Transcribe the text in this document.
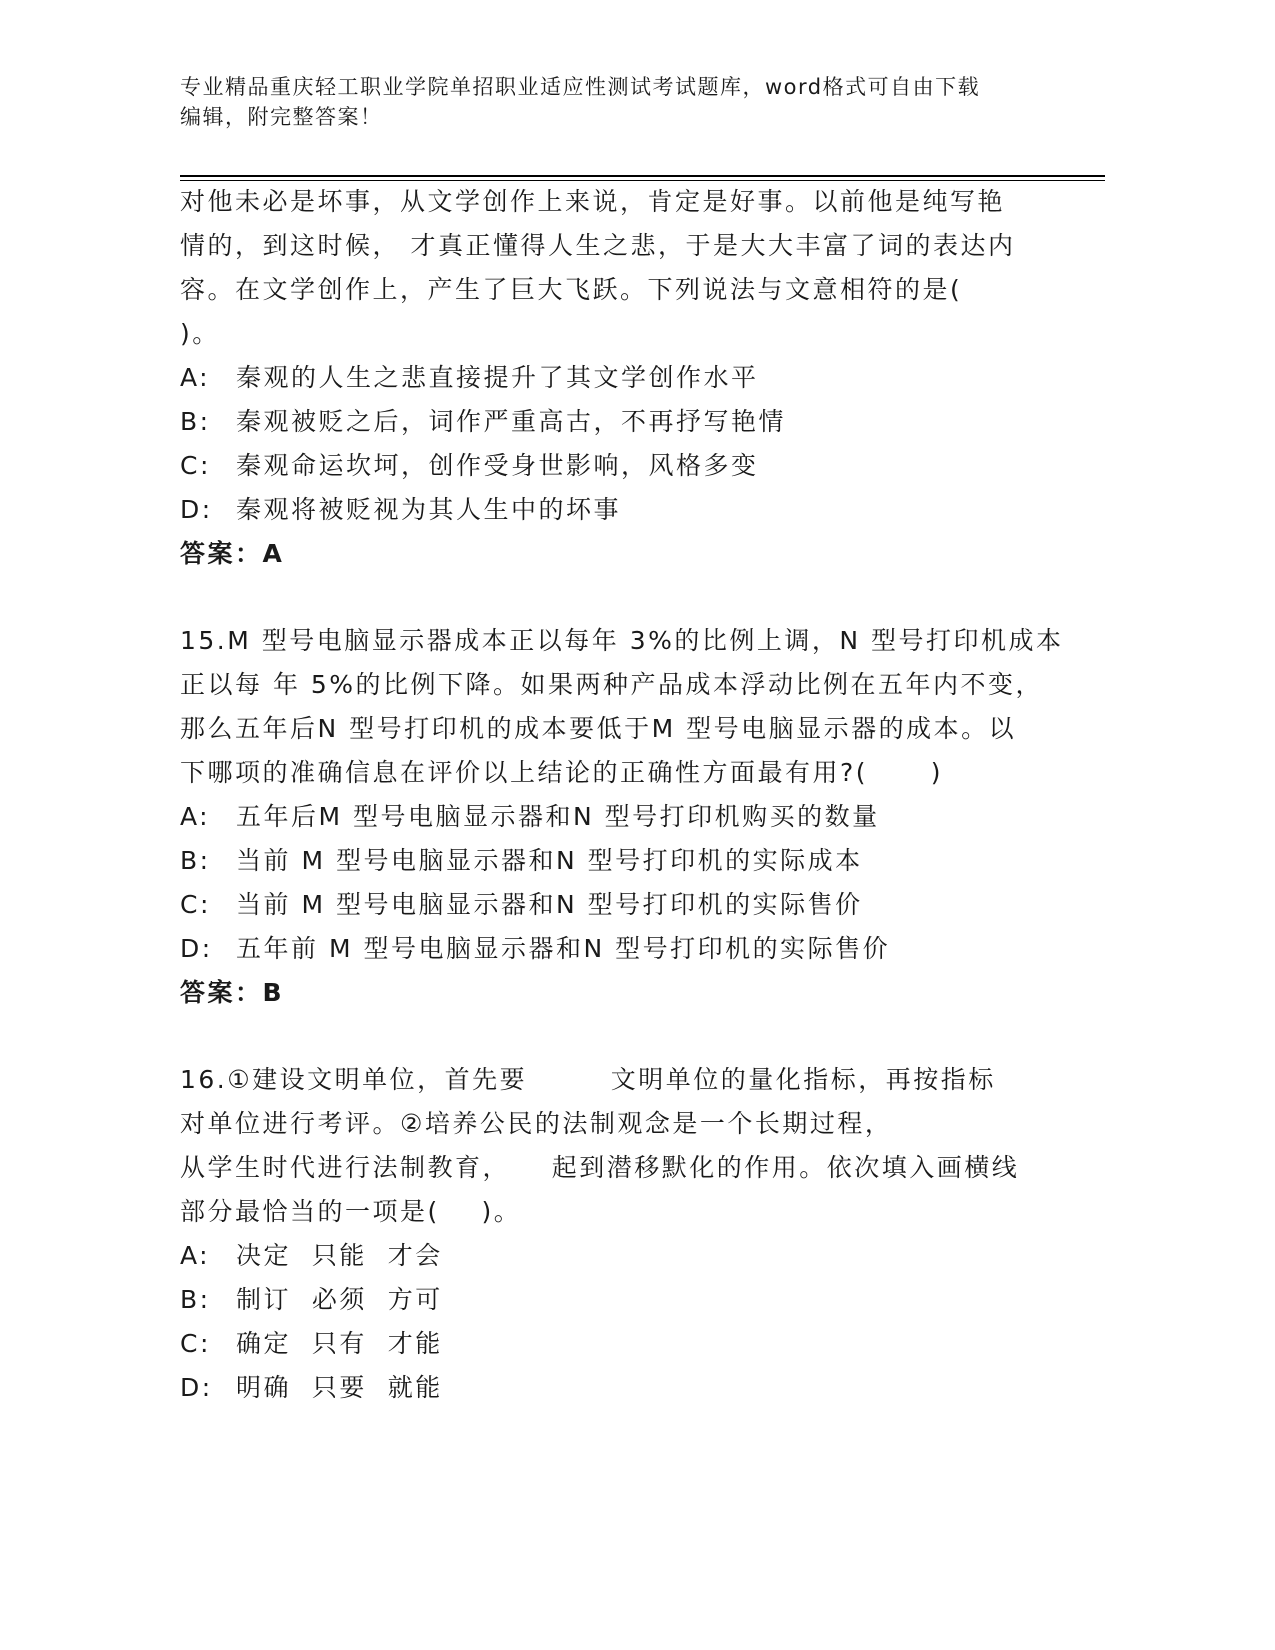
专业精品重庆轻工职业学院单招职业适应性测试考试题库，word格式可自由下载
编辑，附完整答案！
对他未必是坏事，从文学创作上来说，肯定是好事。以前他是纯写艳
情的，到这时候， 才真正懂得人生之悲，于是大大丰富了词的表达内
容。在文学创作上，产生了巨大飞跃。下列说法与文意相符的是(
)。
A: 秦观的人生之悲直接提升了其文学创作水平
B: 秦观被贬之后，词作严重高古，不再抒写艳情
C: 秦观命运坎坷，创作受身世影响，风格多变
D: 秦观将被贬视为其人生中的坏事
答案：A
15.M 型号电脑显示器成本正以每年 3%的比例上调，N 型号打印机成本
正以每 年 5%的比例下降。如果两种产品成本浮动比例在五年内不变，
那么五年后N 型号打印机的成本要低于M 型号电脑显示器的成本。以
下哪项的准确信息在评价以上结论的正确性方面最有用?(      )
A: 五年后M 型号电脑显示器和N 型号打印机购买的数量
B: 当前 M 型号电脑显示器和N 型号打印机的实际成本
C: 当前 M 型号电脑显示器和N 型号打印机的实际售价
D: 五年前 M 型号电脑显示器和N 型号打印机的实际售价
答案：B
16.①建设文明单位，首先要        文明单位的量化指标，再按指标
对单位进行考评。②培养公民的法制观念是一个长期过程，
从学生时代进行法制教育，    起到潜移默化的作用。依次填入画横线
部分最恰当的一项是(    )。
A: 决定  只能  才会
B: 制订  必须  方可
C: 确定  只有  才能
D: 明确  只要  就能
